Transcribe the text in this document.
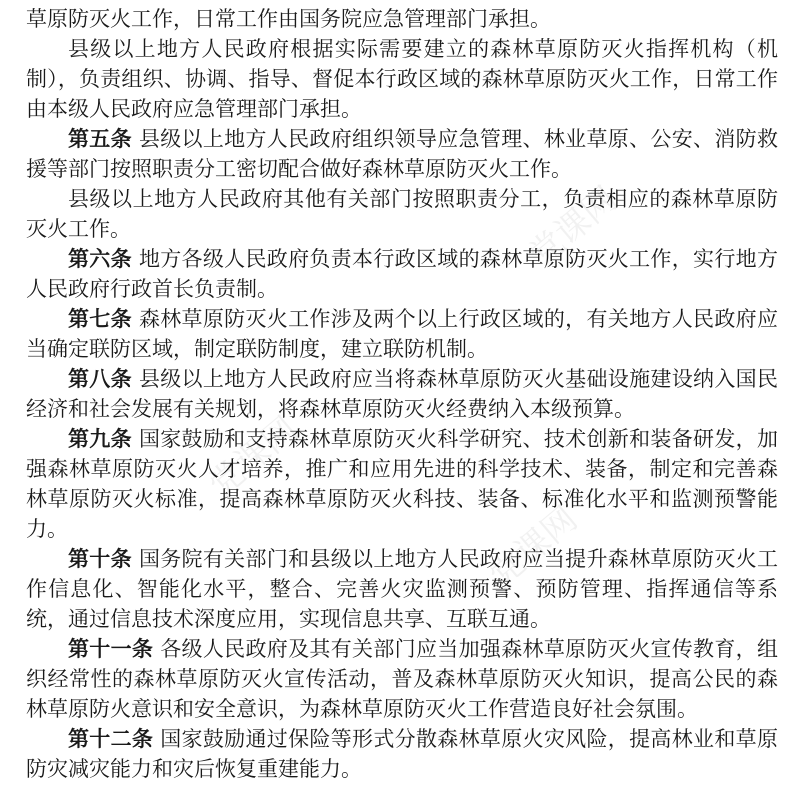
党课网
党课网
党课网

草原防灭火工作，日常工作由国务院应急管理部门承担。

县级以上地方人民政府根据实际需要建立的森林草原防灭火指挥机构（机制），负责组织、协调、指导、督促本行政区域的森林草原防灭火工作，日常工作由本级人民政府应急管理部门承担。

第五条 县级以上地方人民政府组织领导应急管理、林业草原、公安、消防救援等部门按照职责分工密切配合做好森林草原防灭火工作。

县级以上地方人民政府其他有关部门按照职责分工，负责相应的森林草原防灭火工作。

第六条 地方各级人民政府负责本行政区域的森林草原防灭火工作，实行地方人民政府行政首长负责制。

第七条 森林草原防灭火工作涉及两个以上行政区域的，有关地方人民政府应当确定联防区域，制定联防制度，建立联防机制。

第八条 县级以上地方人民政府应当将森林草原防灭火基础设施建设纳入国民经济和社会发展有关规划，将森林草原防灭火经费纳入本级预算。

第九条 国家鼓励和支持森林草原防灭火科学研究、技术创新和装备研发，加强森林草原防灭火人才培养，推广和应用先进的科学技术、装备，制定和完善森林草原防灭火标准，提高森林草原防灭火科技、装备、标准化水平和监测预警能力。

第十条 国务院有关部门和县级以上地方人民政府应当提升森林草原防灭火工作信息化、智能化水平，整合、完善火灾监测预警、预防管理、指挥通信等系统，通过信息技术深度应用，实现信息共享、互联互通。

第十一条 各级人民政府及其有关部门应当加强森林草原防灭火宣传教育，组织经常性的森林草原防灭火宣传活动，普及森林草原防灭火知识，提高公民的森林草原防火意识和安全意识，为森林草原防灭火工作营造良好社会氛围。

第十二条 国家鼓励通过保险等形式分散森林草原火灾风险，提高林业和草原防灾减灾能力和灾后恢复重建能力。
